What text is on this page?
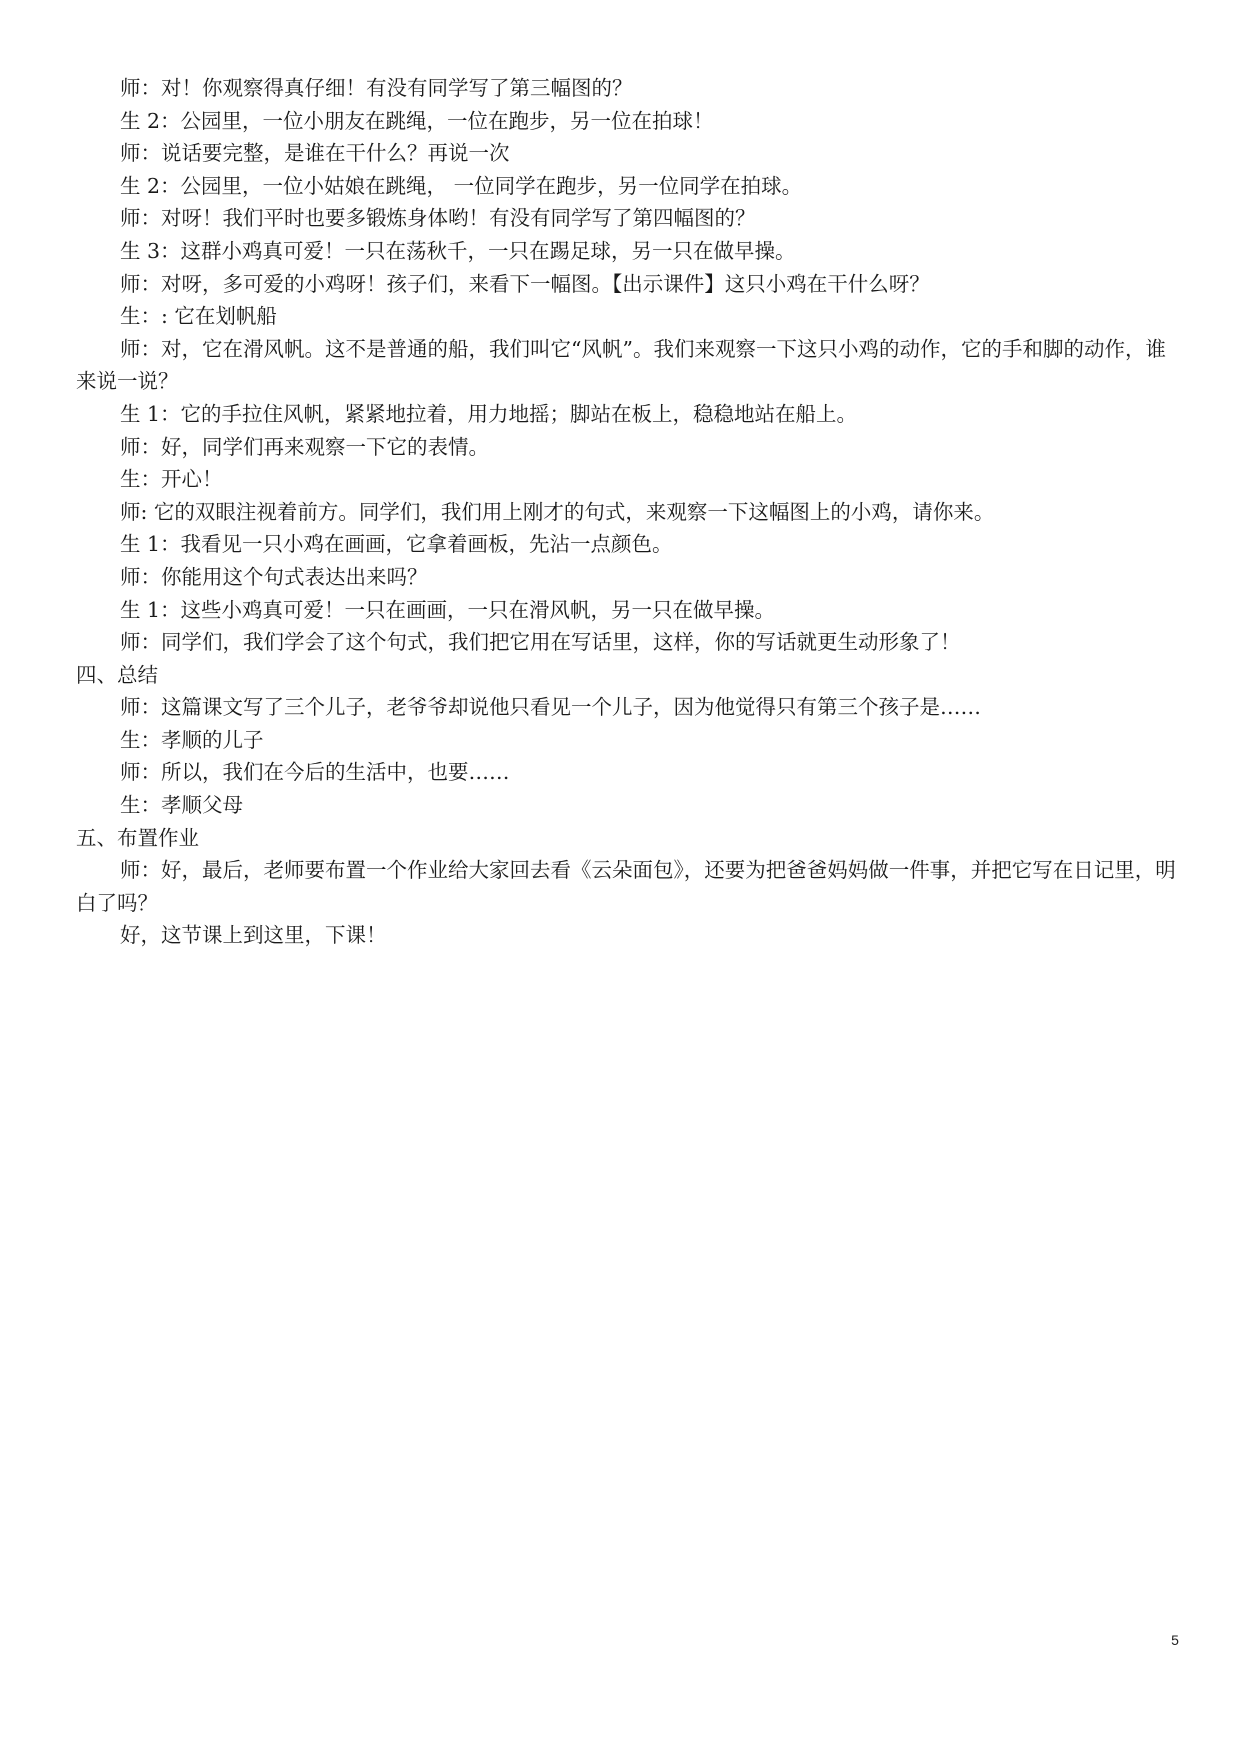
师：对！你观察得真仔细！有没有同学写了第三幅图的？
生 2：公园里，一位小朋友在跳绳，一位在跑步，另一位在拍球！
师：说话要完整，是谁在干什么？再说一次
生 2：公园里，一位小姑娘在跳绳， 一位同学在跑步，另一位同学在拍球。
师：对呀！我们平时也要多锻炼身体哟！有没有同学写了第四幅图的？
生 3：这群小鸡真可爱！一只在荡秋千，一只在踢足球，另一只在做早操。
师：对呀，多可爱的小鸡呀！孩子们，来看下一幅图。【出示课件】这只小鸡在干什么呀？
生：: 它在划帆船
师：对，它在滑风帆。这不是普通的船，我们叫它“风帆”。我们来观察一下这只小鸡的动作，它的手和脚的动作，谁来说一说？
生 1：它的手拉住风帆，紧紧地拉着，用力地摇；脚站在板上，稳稳地站在船上。
师：好，同学们再来观察一下它的表情。
生：开心！
师: 它的双眼注视着前方。同学们，我们用上刚才的句式，来观察一下这幅图上的小鸡，请你来。
生 1：我看见一只小鸡在画画，它拿着画板，先沾一点颜色。
师：你能用这个句式表达出来吗？
生 1：这些小鸡真可爱！一只在画画，一只在滑风帆，另一只在做早操。
师：同学们，我们学会了这个句式，我们把它用在写话里，这样，你的写话就更生动形象了！
四、总结
师：这篇课文写了三个儿子，老爷爷却说他只看见一个儿子，因为他觉得只有第三个孩子是……
生：孝顺的儿子
师：所以，我们在今后的生活中，也要……
生：孝顺父母
五、布置作业
师：好，最后，老师要布置一个作业给大家回去看《云朵面包》，还要为把爸爸妈妈做一件事，并把它写在日记里，明白了吗？
好，这节课上到这里，下课！
5
